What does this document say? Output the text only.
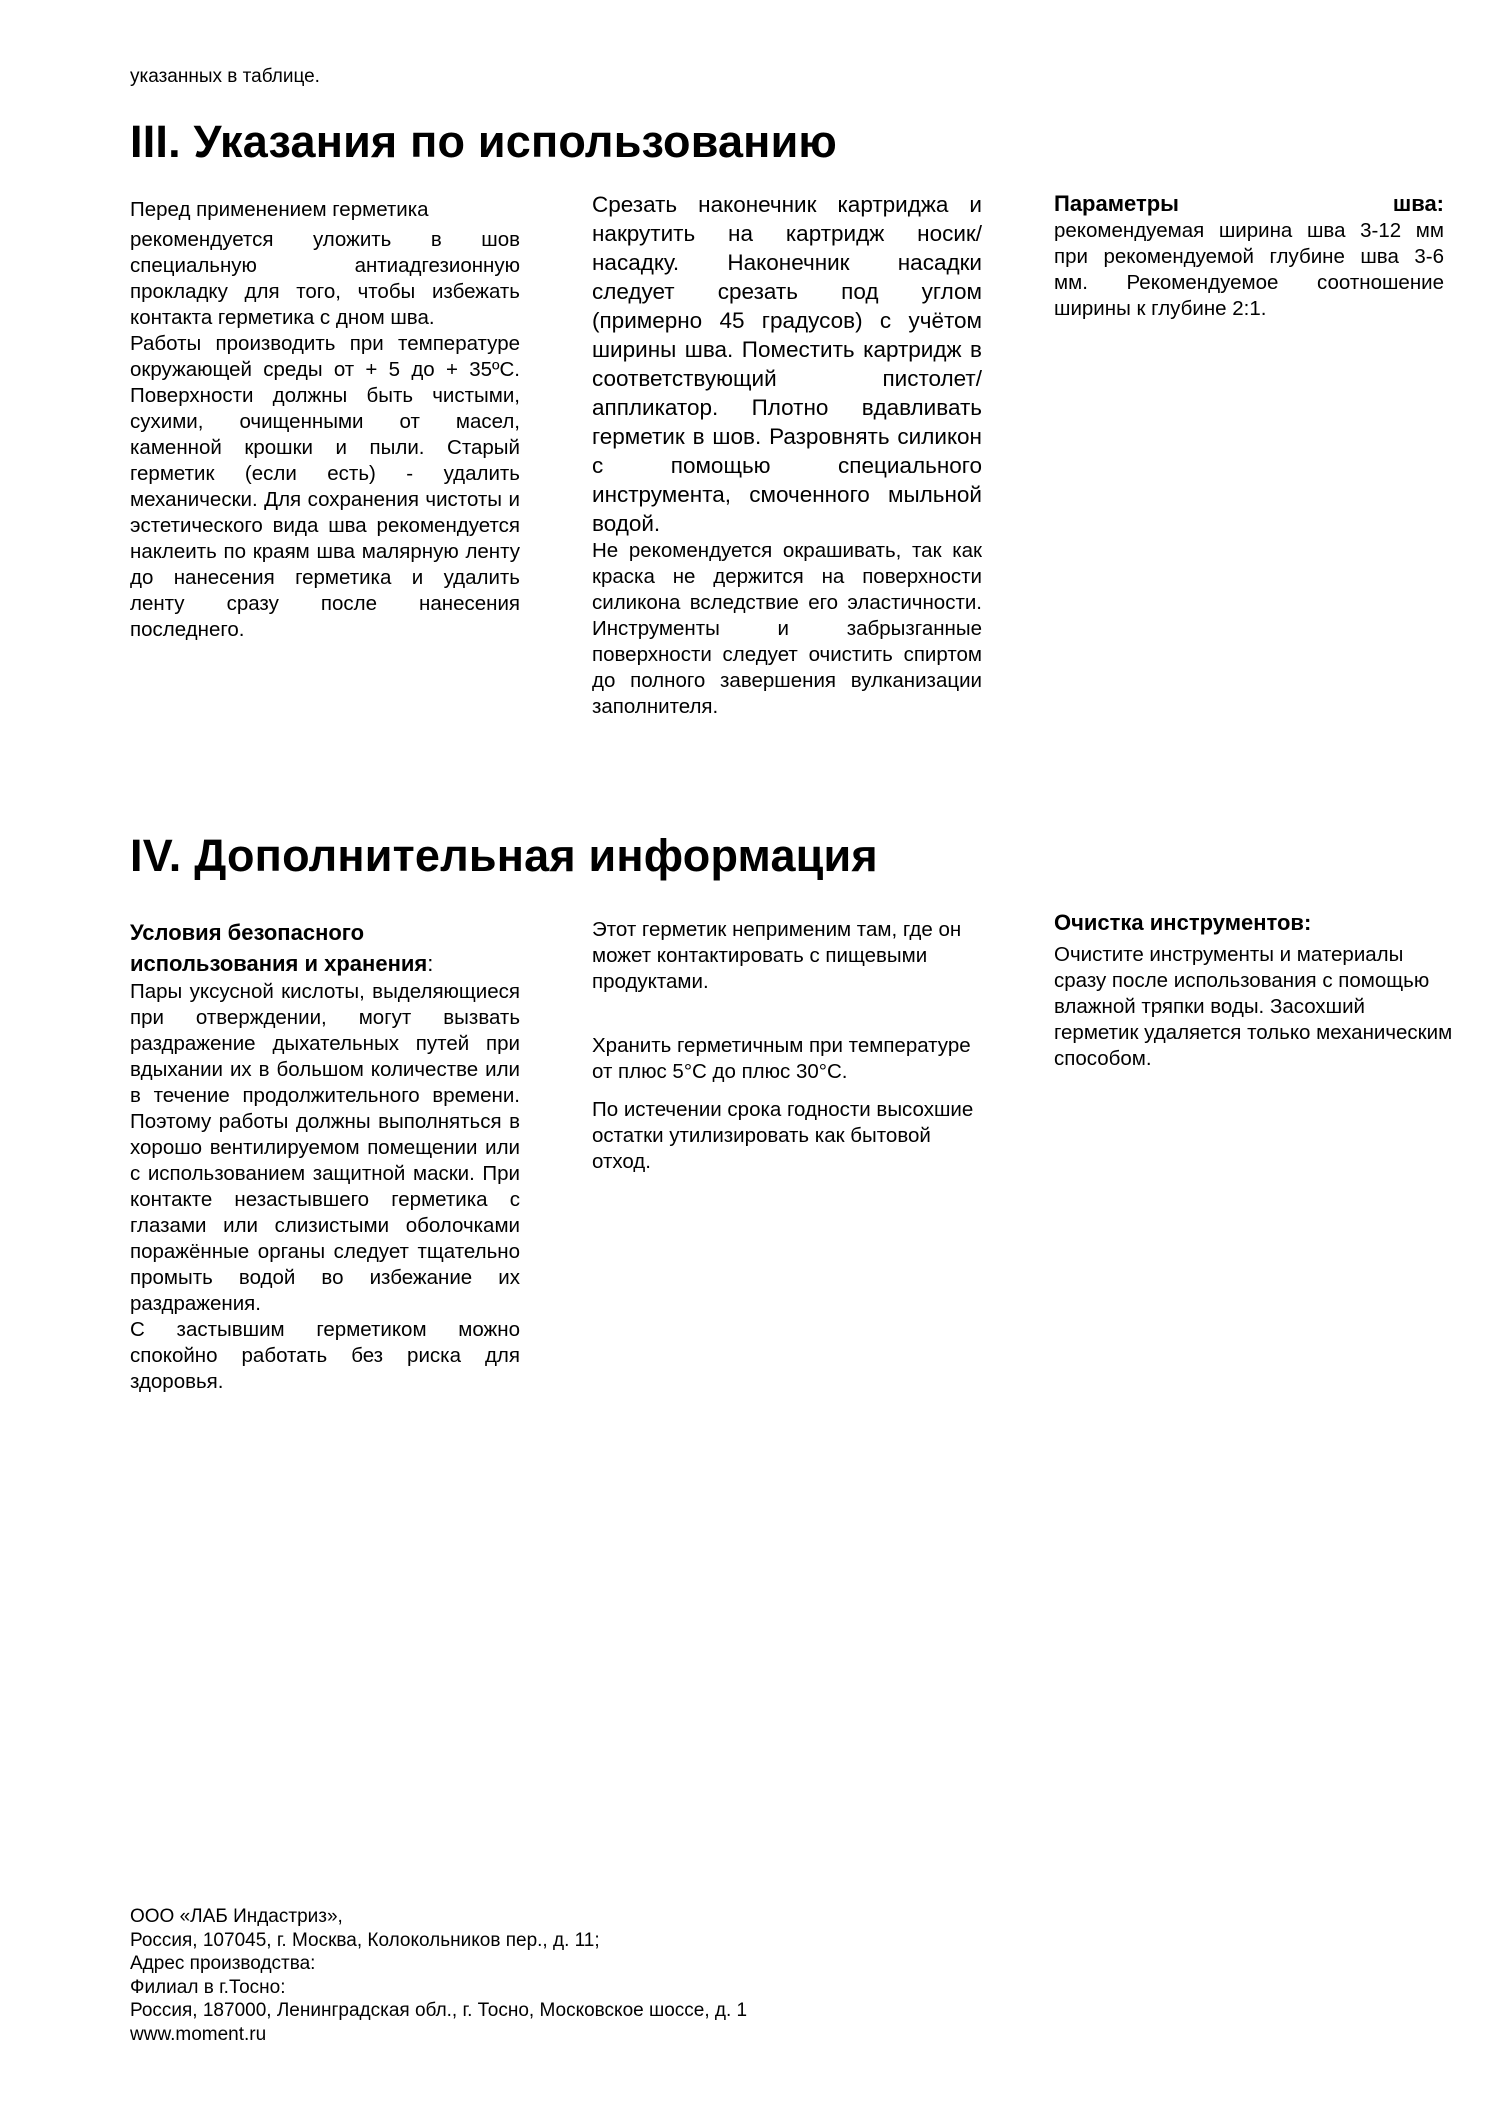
указанных в таблице.
III. Указания по использованию

Перед применением герметика

рекомендуется уложить в шов специальную антиадгезионную прокладку для того, чтобы избежать контакта герметика с дном шва.

Работы производить при температуре окружающей среды от + 5 до + 35ºС. Поверхности должны быть чистыми, сухими, очищенными от масел, каменной крошки и пыли. Старый герметик (если есть) - удалить механически. Для сохранения чистоты и эстетического вида шва рекомендуется наклеить по краям шва малярную ленту до нанесения герметика и удалить ленту сразу после нанесения последнего.

Срезать наконечник картриджа и накрутить на картридж носик/насадку. Наконечник насадки следует срезать под углом (примерно 45 градусов) с учётом ширины шва. Поместить картридж в соответствующий пистолет/аппликатор. Плотно вдавливать герметик в шов. Разровнять силикон с помощью специального инструмента, смоченного мыльной водой.

Не рекомендуется окрашивать, так как краска не держится на поверхности силикона вследствие его эластичности. Инструменты и забрызганные поверхности следует очистить спиртом до полного завершения вулканизации заполнителя.

Параметры шва:

рекомендуемая ширина шва 3-12 мм при рекомендуемой глубине шва 3-6 мм. Рекомендуемое соотношение ширины к глубине 2:1.

IV. Дополнительная информация

Условия безопасного использования и хранения:

Пары уксусной кислоты, выделяющиеся при отверждении, могут вызвать раздражение дыхательных путей при вдыхании их в большом количестве или в течение продолжительного времени. Поэтому работы должны выполняться в хорошо вентилируемом помещении или с использованием защитной маски. При контакте незастывшего герметика с глазами или слизистыми оболочками поражённые органы следует тщательно промыть водой во избежание их раздражения.

С застывшим герметиком можно спокойно работать без риска для здоровья.

Этот герметик неприменим там, где он может контактировать с пищевыми продуктами.

Хранить герметичным при температуре от плюс 5°С до плюс 30°С.

По истечении срока годности высохшие остатки утилизировать как бытовой отход.

Очистка инструментов:

Очистите инструменты и материалы сразу после использования с помощью влажной тряпки воды. Засохший герметик удаляется только механическим способом.

ООО «ЛАБ Индастриз»,
Россия, 107045, г. Москва, Колокольников пер., д. 11;
Адрес производства:
Филиал в г.Тосно:
Россия, 187000, Ленинградская обл., г. Тосно, Московское шоссе, д. 1
www.moment.ru
